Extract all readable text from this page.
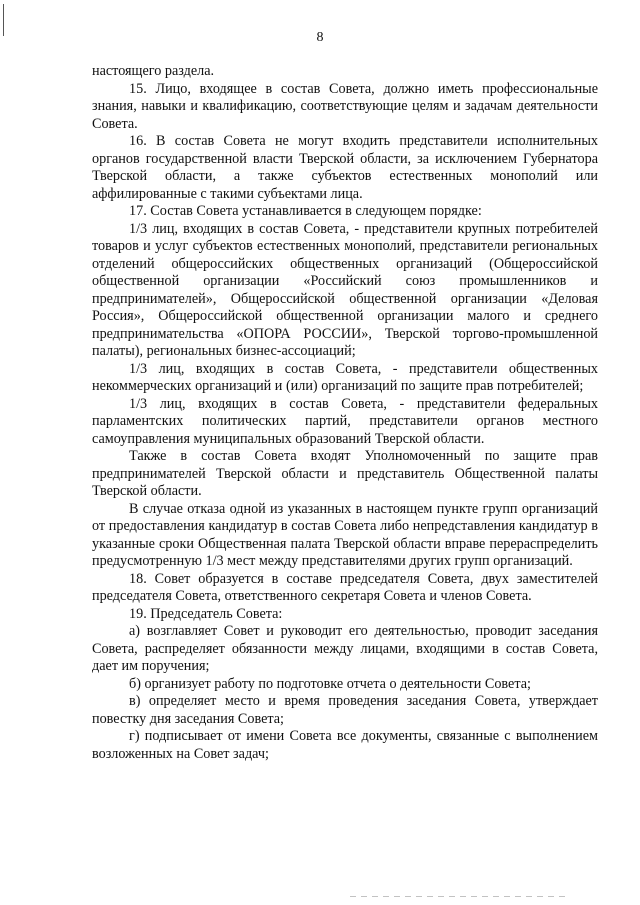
8

настоящего раздела.

15. Лицо, входящее в состав Совета, должно иметь профессиональные знания, навыки и квалификацию, соответствующие целям и задачам деятельности Совета.

16. В состав Совета не могут входить представители исполнительных органов государственной власти Тверской области, за исключением Губернатора Тверской области, а также субъектов естественных монополий или аффилированные с такими субъектами лица.

17. Состав Совета устанавливается в следующем порядке:

1/3 лиц, входящих в состав Совета, - представители крупных потребителей товаров и услуг субъектов естественных монополий, представители региональных отделений общероссийских общественных организаций (Общероссийской общественной организации «Российский союз промышленников и предпринимателей», Общероссийской общественной организации «Деловая Россия», Общероссийской общественной организации малого и среднего предпринимательства «ОПОРА РОССИИ», Тверской торгово-промышленной палаты), региональных бизнес-ассоциаций;

1/3 лиц, входящих в состав Совета, - представители общественных некоммерческих организаций и (или) организаций по защите прав потребителей;

1/3 лиц, входящих в состав Совета, - представители федеральных парламентских политических партий, представители органов местного самоуправления муниципальных образований Тверской области.

Также в состав Совета входят Уполномоченный по защите прав предпринимателей Тверской области и представитель Общественной палаты Тверской области.

В случае отказа одной из указанных в настоящем пункте групп организаций от предоставления кандидатур в состав Совета либо непредставления кандидатур в указанные сроки Общественная палата Тверской области вправе перераспределить предусмотренную 1/3 мест между представителями других групп организаций.

18. Совет образуется в составе председателя Совета, двух заместителей председателя Совета, ответственного секретаря Совета и членов Совета.

19. Председатель Совета:

а) возглавляет Совет и руководит его деятельностью, проводит заседания Совета, распределяет обязанности между лицами, входящими в состав Совета, дает им поручения;

б) организует работу по подготовке отчета о деятельности Совета;

в) определяет место и время проведения заседания Совета, утверждает повестку дня заседания Совета;

г) подписывает от имени Совета все документы, связанные с выполнением возложенных на Совет задач;
